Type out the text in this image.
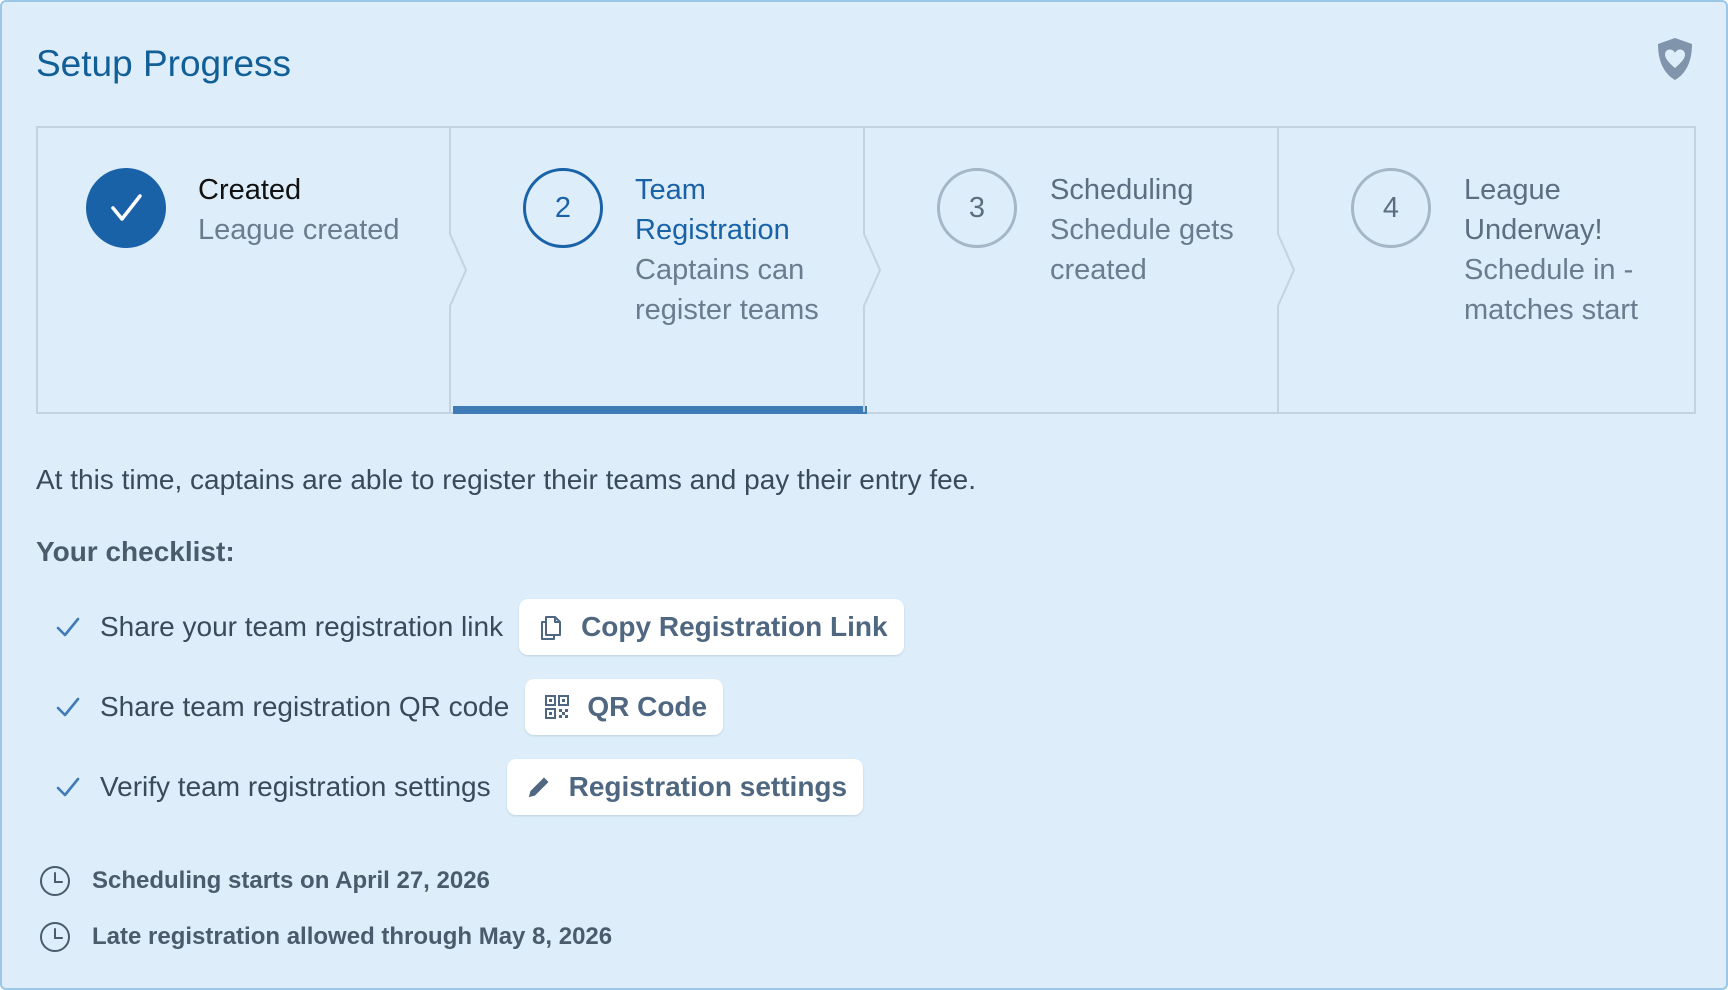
Setup Progress
Created
League created
2
Team Registration
Captains can register teams
3
Scheduling
Schedule gets created
4
League Underway!
Schedule in - matches start
At this time, captains are able to register their teams and pay their entry fee.
Your checklist:
Share your team registration link	Copy Registration Link
Share team registration QR code	QR Code
Verify team registration settings	Registration settings
Scheduling starts on April 27, 2026
Late registration allowed through May 8, 2026
